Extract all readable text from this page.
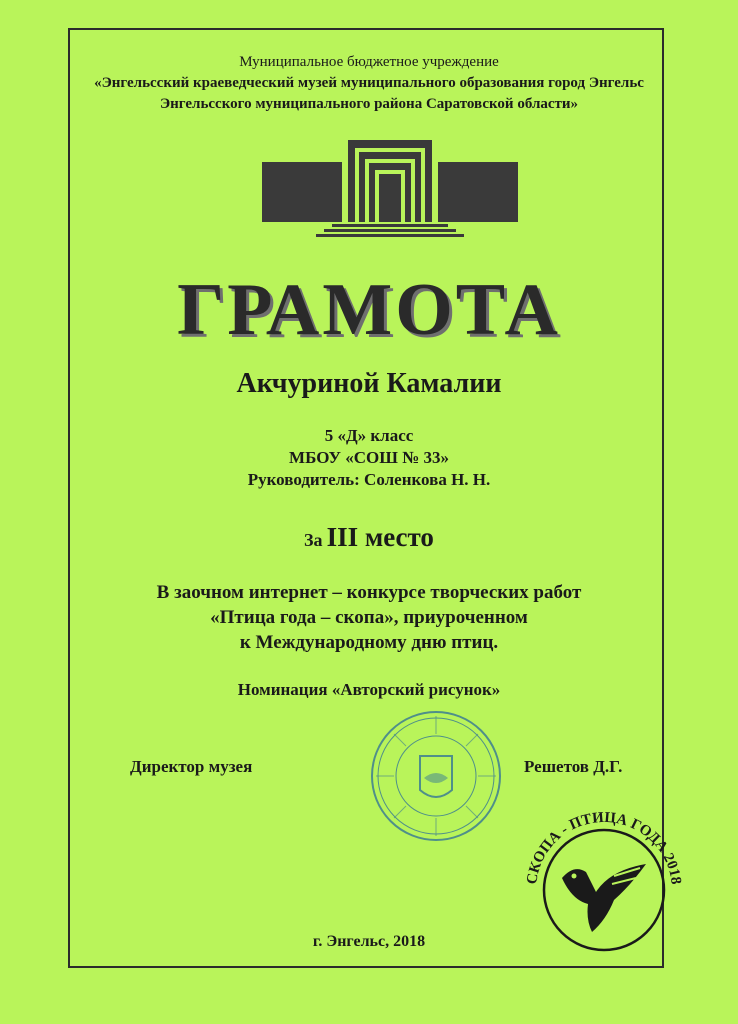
Муниципальное бюджетное учреждение
«Энгельсский краеведческий музей муниципального образования город Энгельс
Энгельсского муниципального района Саратовской области»
ГРАМОТА
Акчуриной Камалии
5 «Д» класс
МБОУ «СОШ № 33»
Руководитель: Соленкова Н. Н.
За III место
В заочном интернет – конкурсе творческих работ
«Птица года – скопа», приуроченном
к Международному дню птиц.
Номинация «Авторский рисунок»
Директор музея	Решетов Д.Г.
СКОПА - ПТИЦА ГОДА 2018
г. Энгельс, 2018
